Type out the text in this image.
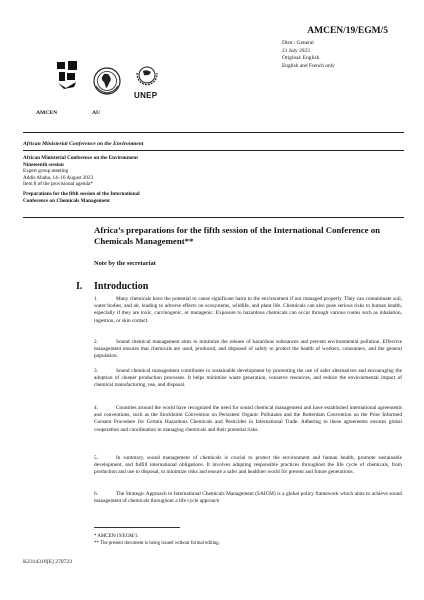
AMCEN/19/EGM/5
Distr.: General
21 July 2023
Original: English
English and French only
UNEP
AMCEN	AU
African Ministerial Conference on the Environment
African Ministerial Conference on the Environment
Nineteenth session
Expert group meeting
Addis Ababa, 14–16 August 2023
Item 8 of the provisional agenda*
Preparations for the fifth session of the International
Conference on Chemicals Management
Africa’s preparations for the fifth session of the International Conference on Chemicals Management**
Note by the secretariat
I. Introduction
1.	Many chemicals have the potential to cause significant harm to the environment if not managed properly. They can contaminate soil, water bodies, and air, leading to adverse effects on ecosystems, wildlife, and plant life. Chemicals can also pose serious risks to human health, especially if they are toxic, carcinogenic, or mutagenic. Exposure to hazardous chemicals can occur through various routes such as inhalation, ingestion, or skin contact.
2.	Sound chemical management aims to minimize the release of hazardous substances and prevent environmental pollution. Effective management ensures that chemicals are used, produced, and disposed of safely to protect the health of workers, consumers, and the general population.
3.	Sound chemical management contributes to sustainable development by promoting the use of safer alternatives and encouraging the adoption of cleaner production processes. It helps minimize waste generation, conserve resources, and reduce the environmental impact of chemical manufacturing, use, and disposal.
4.	Countries around the world have recognized the need for sound chemical management and have established international agreements and conventions, such as the Stockholm Convention on Persistent Organic Pollutants and the Rotterdam Convention on the Prior Informed Consent Procedure for Certain Hazardous Chemicals and Pesticides in International Trade. Adhering to these agreements ensures global cooperation and coordination in managing chemicals and their potential risks.
5.	In summary, sound management of chemicals is crucial to protect the environment and human health, promote sustainable development, and fulfill international obligations. It involves adopting responsible practices throughout the life cycle of chemicals, from production and use to disposal, to minimize risks and ensure a safer and healthier world for present and future generations.
6.	The Strategic Approach to International Chemicals Management (SAICM) is a global policy framework which aims to achieve sound management of chemicals throughout a life cycle approach
* AMCEN/19/EGM/1.
** The present document is being issued without formal editing.
K2314318[E] 270723
